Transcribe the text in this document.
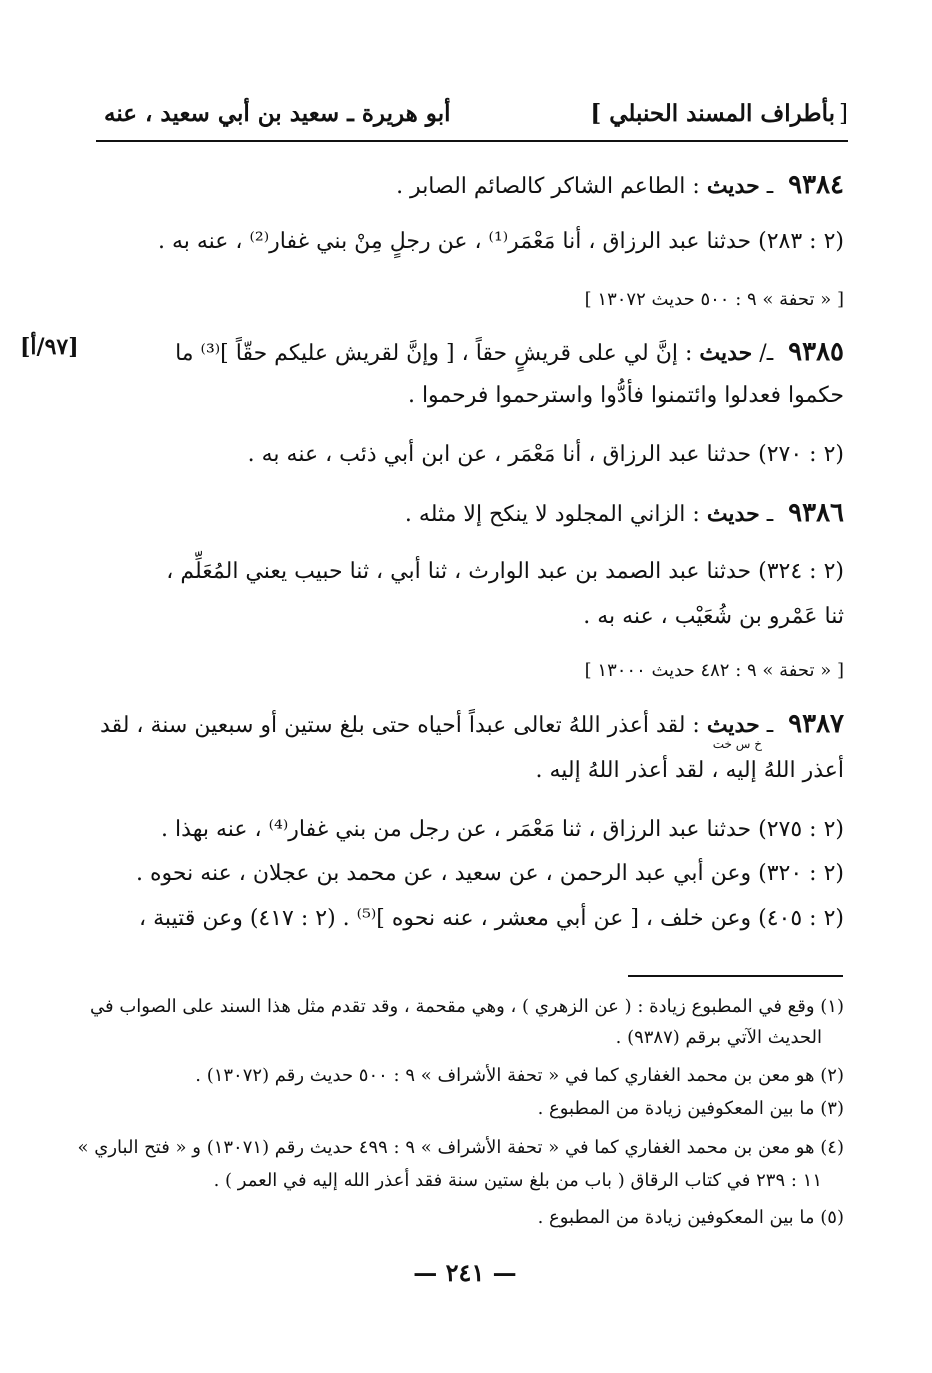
[بأطراف المسند الحنبلي ]
أبو هريرة ـ سعيد بن أبي سعيد ، عنه
٩٣٨٤ ـ حديث : الطاعم الشاكر كالصائم الصابر .
(٢ : ٢٨٣) حدثنا عبد الرزاق ، أنا مَعْمَر⁽¹⁾ ، عن رجلٍ مِنْ بني غفار⁽²⁾ ، عنه به .
[ « تحفة » ٩ : ٥٠٠ حديث ١٣٠٧٢ ]
[٩٧/أ]	٩٣٨٥ ـ/ حديث : إنَّ لي على قريشٍ حقاً ، [ وإنَّ لقريش عليكم حقّاً ]⁽³⁾ ما
حكموا فعدلوا وائتمنوا فأدُّوا واسترحموا فرحموا .
(٢ : ٢٧٠) حدثنا عبد الرزاق ، أنا مَعْمَر ، عن ابن أبي ذئب ، عنه به .
٩٣٨٦ ـ حديث : الزاني المجلود لا ينكح إلا مثله .
(٢ : ٣٢٤) حدثنا عبد الصمد بن عبد الوارث ، ثنا أبي ، ثنا حبيب يعني المُعَلِّم ،
ثنا عَمْرو بن شُعَيْب ، عنه به .
[ « تحفة » ٩ : ٤٨٢ حديث ١٣٠٠٠ ]
٩٣٨٧ ـ حديث : لقد أعذر اللهُ تعالى عبداً أحياه حتى بلغ ستين أو سبعين سنة ، لقد
خ س خت
أعذر اللهُ إليه ، لقد أعذر اللهُ إليه .
(٢ : ٢٧٥) حدثنا عبد الرزاق ، ثنا مَعْمَر ، عن رجل من بني غفار⁽⁴⁾ ، عنه بهذا .
(٢ : ٣٢٠) وعن أبي عبد الرحمن ، عن سعيد ، عن محمد بن عجلان ، عنه نحوه .
(٢ : ٤٠٥) وعن خلف ، [ عن أبي معشر ، عنه نحوه ]⁽⁵⁾ . (٢ : ٤١٧) وعن قتيبة ،
(١) وقع في المطبوع زيادة : ( عن الزهري ) ، وهي مقحمة ، وقد تقدم مثل هذا السند على الصواب في
الحديث الآتي برقم (٩٣٨٧) .
(٢) هو معن بن محمد الغفاري كما في « تحفة الأشراف » ٩ : ٥٠٠ حديث رقم (١٣٠٧٢) .
(٣) ما بين المعكوفين زيادة من المطبوع .
(٤) هو معن بن محمد الغفاري كما في « تحفة الأشراف » ٩ : ٤٩٩ حديث رقم (١٣٠٧١) و « فتح الباري »
١١ : ٢٣٩ في كتاب الرقاق ( باب من بلغ ستين سنة فقد أعذر الله إليه في العمر ) .
(٥) ما بين المعكوفين زيادة من المطبوع .
— ٢٤١ —
